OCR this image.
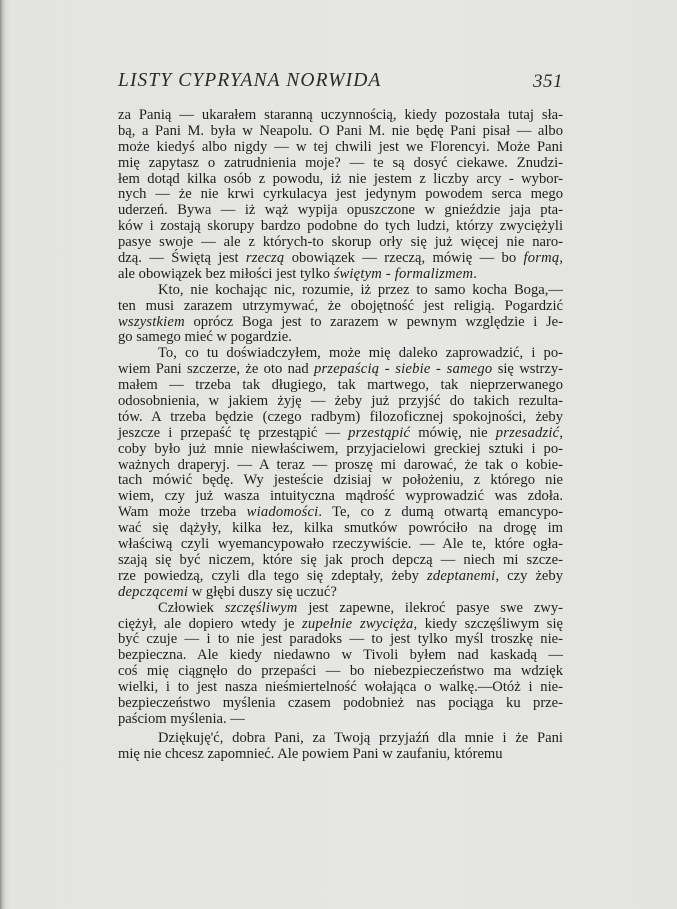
LISTY CYPRYANA NORWIDA	351
za Panią — ukarałem staranną uczynnością, kiedy pozostała tutaj sła-
bą, a Pani M. była w Neapolu. O Pani M. nie będę Pani pisał — albo
może kiedyś albo nigdy — w tej chwili jest we Florencyi. Może Pani
mię zapytasz o zatrudnienia moje? — te są dosyć ciekawe. Znudzi-
łem dotąd kilka osób z powodu, iż nie jestem z liczby arcy - wybor-
nych — że nie krwi cyrkulacya jest jedynym powodem serca mego
uderzeń. Bywa — iż wąż wypija opuszczone w gnieździe jaja pta-
ków i zostają skorupy bardzo podobne do tych ludzi, którzy zwyciężyli
pasye swoje — ale z których-to skorup orły się już więcej nie naro-
dzą. — Świętą jest rzeczą obowiązek — rzeczą, mówię — bo formą,
ale obowiązek bez miłości jest tylko świętym - formalizmem.
Kto, nie kochając nic, rozumie, iż przez to samo kocha Boga,—
ten musi zarazem utrzymywać, że obojętność jest religią. Pogardzić
wszystkiem oprócz Boga jest to zarazem w pewnym względzie i Je-
go samego mieć w pogardzie.
To, co tu doświadczyłem, może mię daleko zaprowadzić, i po-
wiem Pani szczerze, że oto nad przepaścią - siebie - samego się wstrzy-
małem — trzeba tak długiego, tak martwego, tak nieprzerwanego
odosobnienia, w jakiem żyję — żeby już przyjść do takich rezulta-
tów. A trzeba będzie (czego radbym) filozoficznej spokojności, żeby
jeszcze i przepaść tę przestąpić — przestąpić mówię, nie przesadzić,
coby było już mnie niewłaściwem, przyjacielowi greckiej sztuki i po-
ważnych draperyj. — A teraz — proszę mi darować, że tak o kobie-
tach mówić będę. Wy jesteście dzisiaj w położeniu, z którego nie
wiem, czy już wasza intuitycznа mądrość wyprowadzić was zdoła.
Wam może trzeba wiadomości. Te, co z dumą otwartą emancypo-
wać się dążyły, kilka łez, kilka smutków powróciło na drogę im
właściwą czyli wyemancypowało rzeczywiście. — Ale te, które ogła-
szają się być niczem, które się jak proch depczą — niech mi szczе-
rze powiedzą, czyli dla tego się zdeptały, żeby zdeptanemi, czy żeby
depczącemi w głębi duszy się uczuć?
Człowiek szczęśliwym jest zapewne, ilekroć pasye swe zwy-
ciężył, ale dopiero wtedy je zupełnie zwycięża, kiedy szczęśliwym się
być czuje — i to nie jest paradoks — to jest tylko myśl troszkę nie-
bezpieczna. Ale kiedy niedawno w Tivoli byłem nad kaskadą —
coś mię ciągnęło do przepaści — bo niebezpieczeństwo ma wdzięk
wielki, i to jest nasza nieśmiertelność wołająca o walkę.—Otóż i nie-
bezpieczeństwo myślenia czasem podobnież nas pociąga ku prze-
paściom myślenia. —
Dziękuję'ć, dobra Pani, za Twoją przyjaźń dla mnie i że Pani
mię nie chcesz zapomnieć. Ale powiem Pani w zaufaniu, któremu
